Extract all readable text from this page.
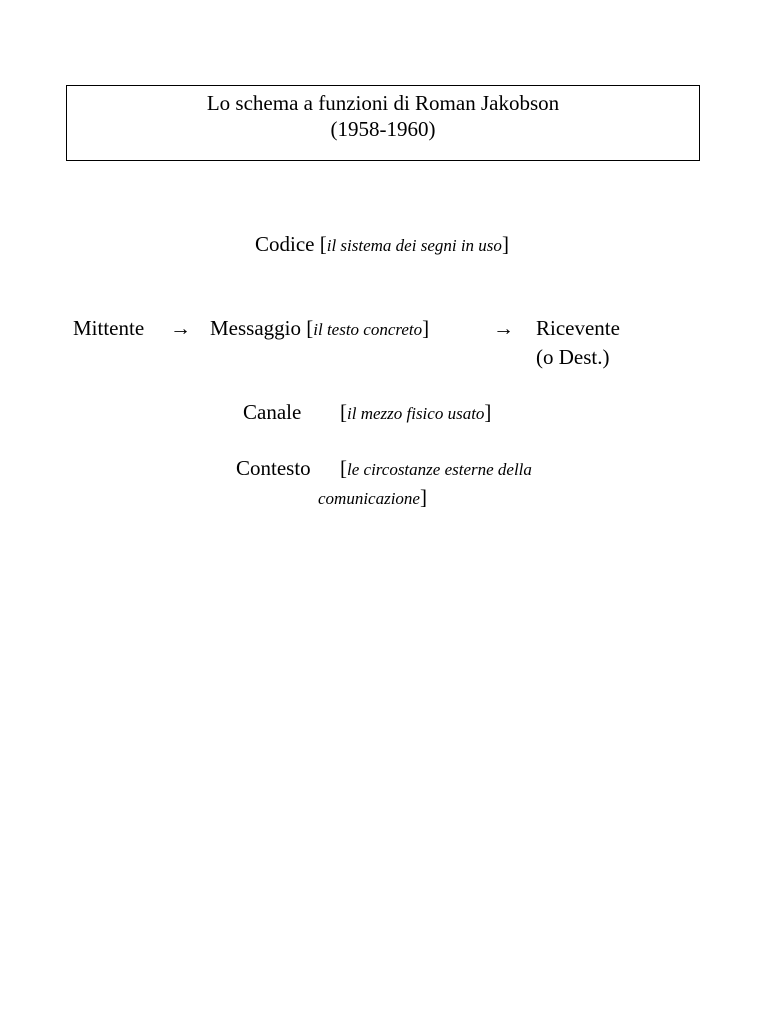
Lo schema a funzioni di Roman Jakobson
(1958-1960)
Codice [il sistema dei segni in uso]
Mittente → Messaggio [il testo concreto]	→ Ricevente
(o Dest.)
Canale [il mezzo fisico usato]
Contesto [le circostanze esterne della
comunicazione]
